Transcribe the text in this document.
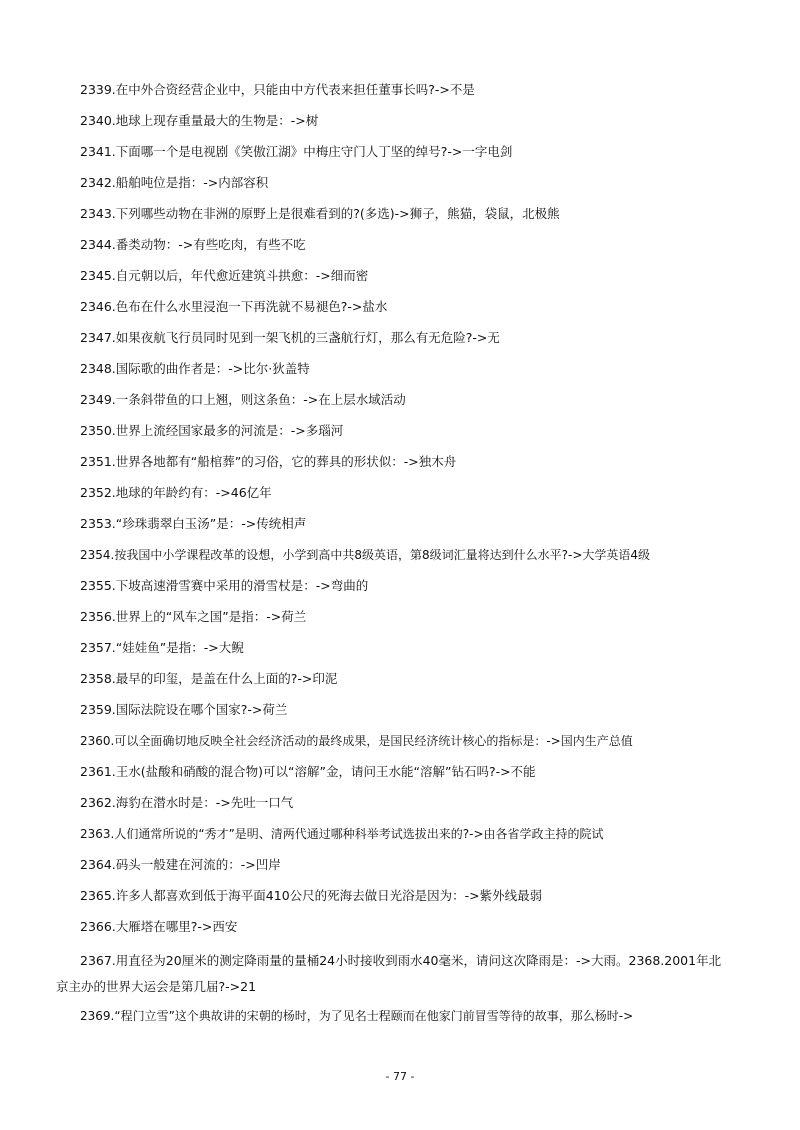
2339.在中外合资经营企业中，只能由中方代表来担任董事长吗?->不是
2340.地球上现存重量最大的生物是：->树
2341.下面哪一个是电视剧《笑傲江湖》中梅庄守门人丁坚的绰号?->一字电剑
2342.船舶吨位是指：->内部容积
2343.下列哪些动物在非洲的原野上是很难看到的?(多选)->狮子，熊猫，袋鼠，北极熊
2344.番类动物：->有些吃肉，有些不吃
2345.自元朝以后，年代愈近建筑斗拱愈：->细而密
2346.色布在什么水里浸泡一下再洗就不易褪色?->盐水
2347.如果夜航飞行员同时见到一架飞机的三盏航行灯，那么有无危险?->无
2348.国际歌的曲作者是：->比尔·狄盖特
2349.一条斜带鱼的口上翘，则这条鱼：->在上层水域活动
2350.世界上流经国家最多的河流是：->多瑙河
2351.世界各地都有“船棺葬”的习俗，它的葬具的形状似：->独木舟
2352.地球的年龄约有：->46亿年
2353.“珍珠翡翠白玉汤”是：->传统相声
2354.按我国中小学课程改革的设想，小学到高中共8级英语，第8级词汇量将达到什么水平?->大学英语4级
2355.下坡高速滑雪赛中采用的滑雪杖是：->弯曲的
2356.世界上的“风车之国”是指：->荷兰
2357.“娃娃鱼”是指：->大鲵
2358.最早的印玺，是盖在什么上面的?->印泥
2359.国际法院设在哪个国家?->荷兰
2360.可以全面确切地反映全社会经济活动的最终成果，是国民经济统计核心的指标是：->国内生产总值
2361.王水(盐酸和硝酸的混合物)可以“溶解”金，请问王水能“溶解”钻石吗?->不能
2362.海豹在潜水时是：->先吐一口气
2363.人们通常所说的“秀才”是明、清两代通过哪种科举考试选拔出来的?->由各省学政主持的院试
2364.码头一般建在河流的：->凹岸
2365.许多人都喜欢到低于海平面410公尺的死海去做日光浴是因为：->紫外线最弱
2366.大雁塔在哪里?->西安
2367.用直径为20厘米的测定降雨量的量桶24小时接收到雨水40毫米，请问这次降雨是：->大雨。2368.2001年北京主办的世界大运会是第几届?->21
2369.“程门立雪”这个典故讲的宋朝的杨时，为了见名士程颐而在他家门前冒雪等待的故事，那么杨时->
- 77 -
